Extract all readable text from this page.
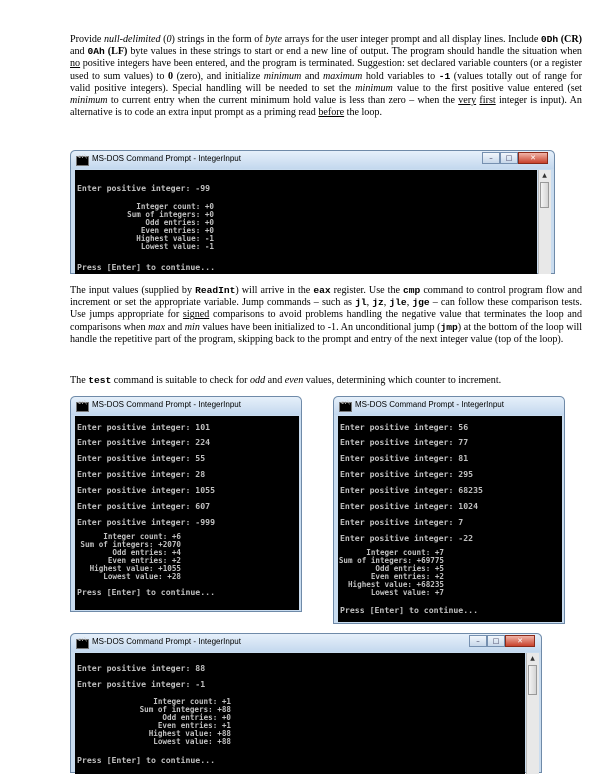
Provide null-delimited (0) strings in the form of byte arrays for the user integer prompt and all display lines. Include 0Dh (CR) and 0Ah (LF) byte values in these strings to start or end a new line of output. The program should handle the situation when no positive integers have been entered, and the program is terminated. Suggestion: set declared variable counters (or a register used to sum values) to 0 (zero), and initialize minimum and maximum hold variables to -1 (values totally out of range for valid positive integers). Special handling will be needed to set the minimum value to the first positive value entered (set minimum to current entry when the current minimum hold value is less than zero – when the very first integer is input). An alternative is to code an extra input prompt as a priming read before the loop.

c:\
MS-DOS Command Prompt - IntegerInput	–	□	✕
Enter positive integer: -99
Integer count: +0
Sum of integers: +0
Odd entries: +0
Even entries: +0
Highest value: -1
Lowest value: -1
Press [Enter] to continue...
▲

The input values (supplied by ReadInt) will arrive in the eax register. Use the cmp command to control program flow and increment or set the appropriate variable. Jump commands – such as jl, jz, jle, jge – can follow these comparison tests. Use jumps appropriate for signed comparisons to avoid problems handling the negative value that terminates the loop and comparisons when max and min values have been initialized to -1. An unconditional jump (jmp) at the bottom of the loop will handle the repetitive part of the program, skipping back to the prompt and entry of the next integer value (top of the loop).

The test command is suitable to check for odd and even values, determining which counter to increment.

c:\
MS-DOS Command Prompt - IntegerInput
Enter positive integer: 101
Enter positive integer: 224
Enter positive integer: 55
Enter positive integer: 28
Enter positive integer: 1055
Enter positive integer: 607
Enter positive integer: -999
Integer count: +6
Sum of integers: +2070
Odd entries: +4
Even entries: +2
Highest value: +1055
Lowest value: +28
Press [Enter] to continue...
c:\
MS-DOS Command Prompt - IntegerInput
Enter positive integer: 56
Enter positive integer: 77
Enter positive integer: 81
Enter positive integer: 295
Enter positive integer: 68235
Enter positive integer: 1024
Enter positive integer: 7
Enter positive integer: -22
Integer count: +7
Sum of integers: +69775
Odd entries: +5
Even entries: +2
Highest value: +68235
Lowest value: +7
Press [Enter] to continue...
c:\
MS-DOS Command Prompt - IntegerInput	–	□	✕
Enter positive integer: 88
Enter positive integer: -1
Integer count: +1
Sum of integers: +88
Odd entries: +0
Even entries: +1
Highest value: +88
Lowest value: +88
Press [Enter] to continue...
▲
